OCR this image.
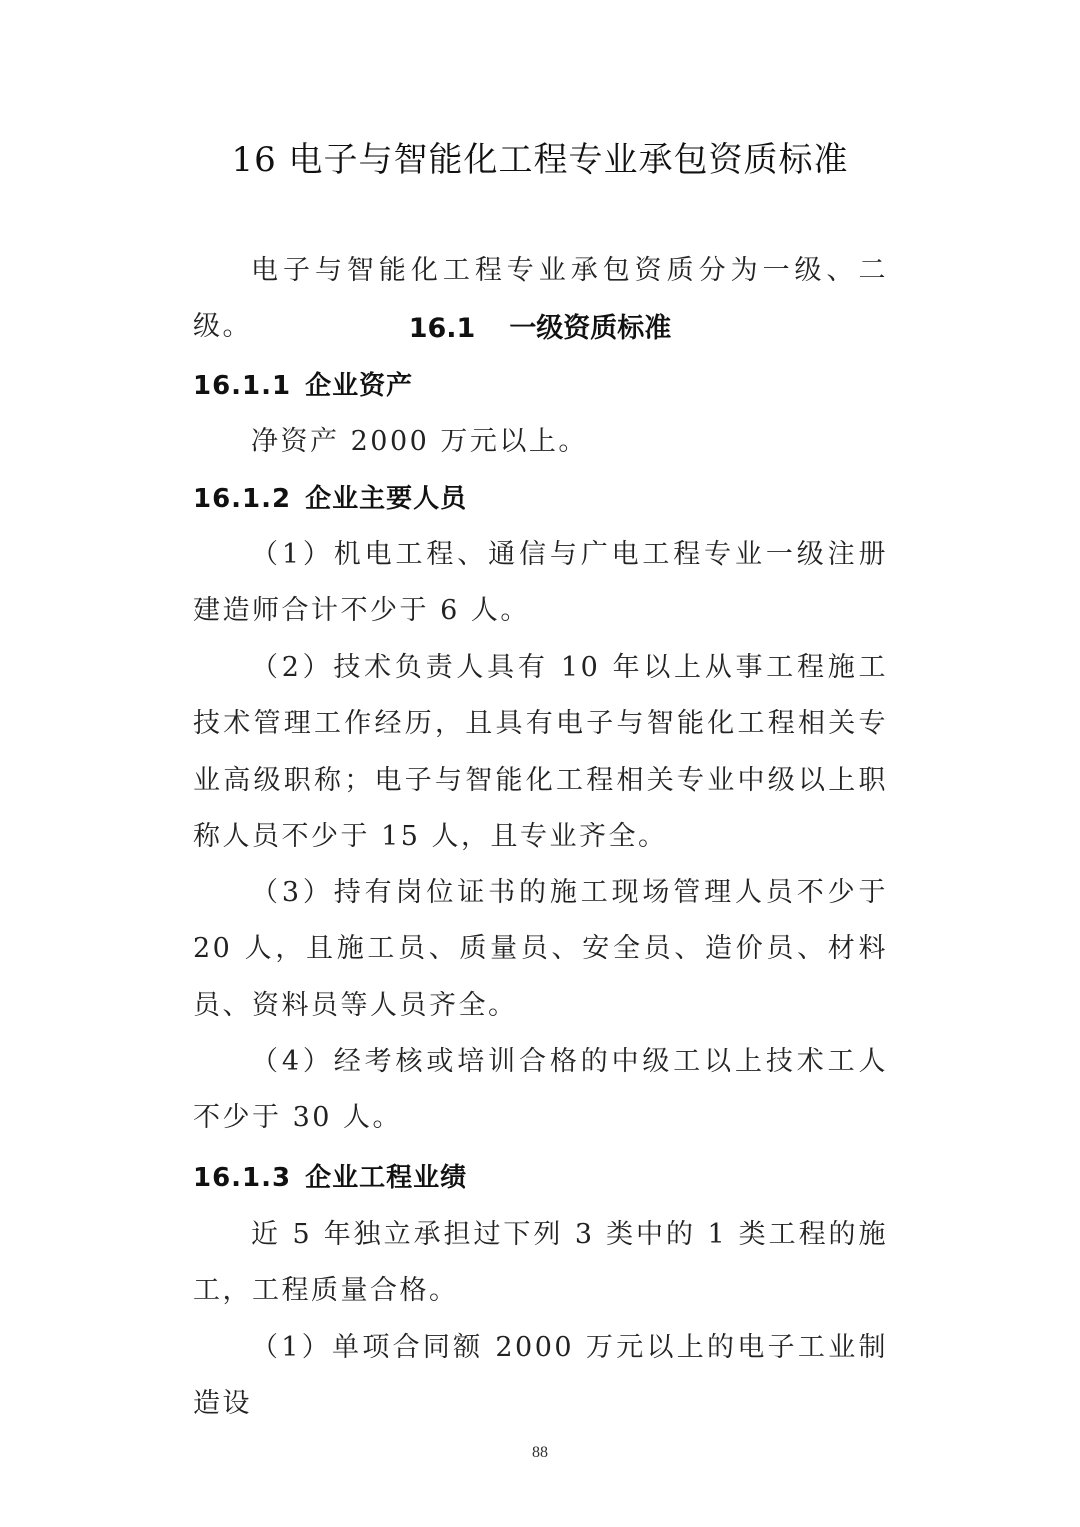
16 电子与智能化工程专业承包资质标准
电子与智能化工程专业承包资质分为一级、二级。	16.1 一级资质标准
16.1.1 企业资产
净资产 2000 万元以上。
16.1.2 企业主要人员
（1）机电工程、通信与广电工程专业一级注册建造师合计不少于 6 人。
（2）技术负责人具有 10 年以上从事工程施工技术管理工作经历，且具有电子与智能化工程相关专业高级职称；电子与智能化工程相关专业中级以上职称人员不少于 15 人，且专业齐全。
（3）持有岗位证书的施工现场管理人员不少于 20 人，且施工员、质量员、安全员、造价员、材料员、资料员等人员齐全。
（4）经考核或培训合格的中级工以上技术工人不少于 30 人。
16.1.3 企业工程业绩
近 5 年独立承担过下列 3 类中的 1 类工程的施工，工程质量合格。
（1）单项合同额 2000 万元以上的电子工业制造设
88
